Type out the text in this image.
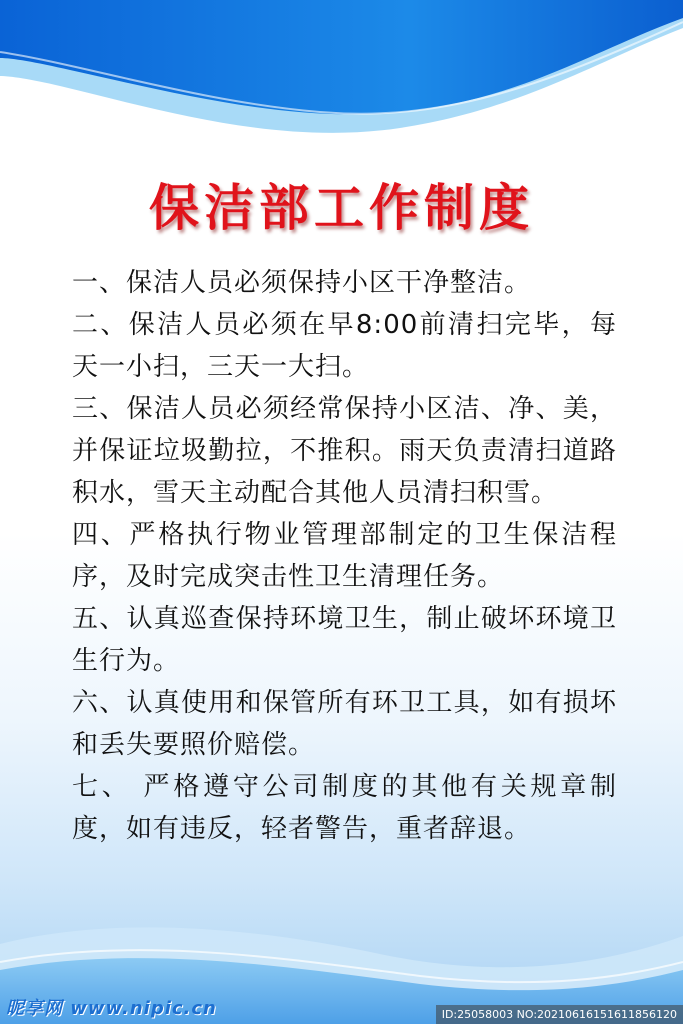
保洁部工作制度
一、保洁人员必须保持小区干净整洁。
二、保洁人员必须在早8:00前清扫完毕，每天一小扫，三天一大扫。
三、保洁人员必须经常保持小区洁、净、美，并保证垃圾勤拉，不推积。雨天负责清扫道路积水，雪天主动配合其他人员清扫积雪。
四、严格执行物业管理部制定的卫生保洁程序，及时完成突击性卫生清理任务。
五、认真巡查保持环境卫生，制止破坏环境卫生行为。
六、认真使用和保管所有环卫工具，如有损坏和丢失要照价赔偿。
七、 严格遵守公司制度的其他有关规章制度，如有违反，轻者警告，重者辞退。
昵享网 www.nipic.cn	ID:25058003 NO:20210616151611856120
